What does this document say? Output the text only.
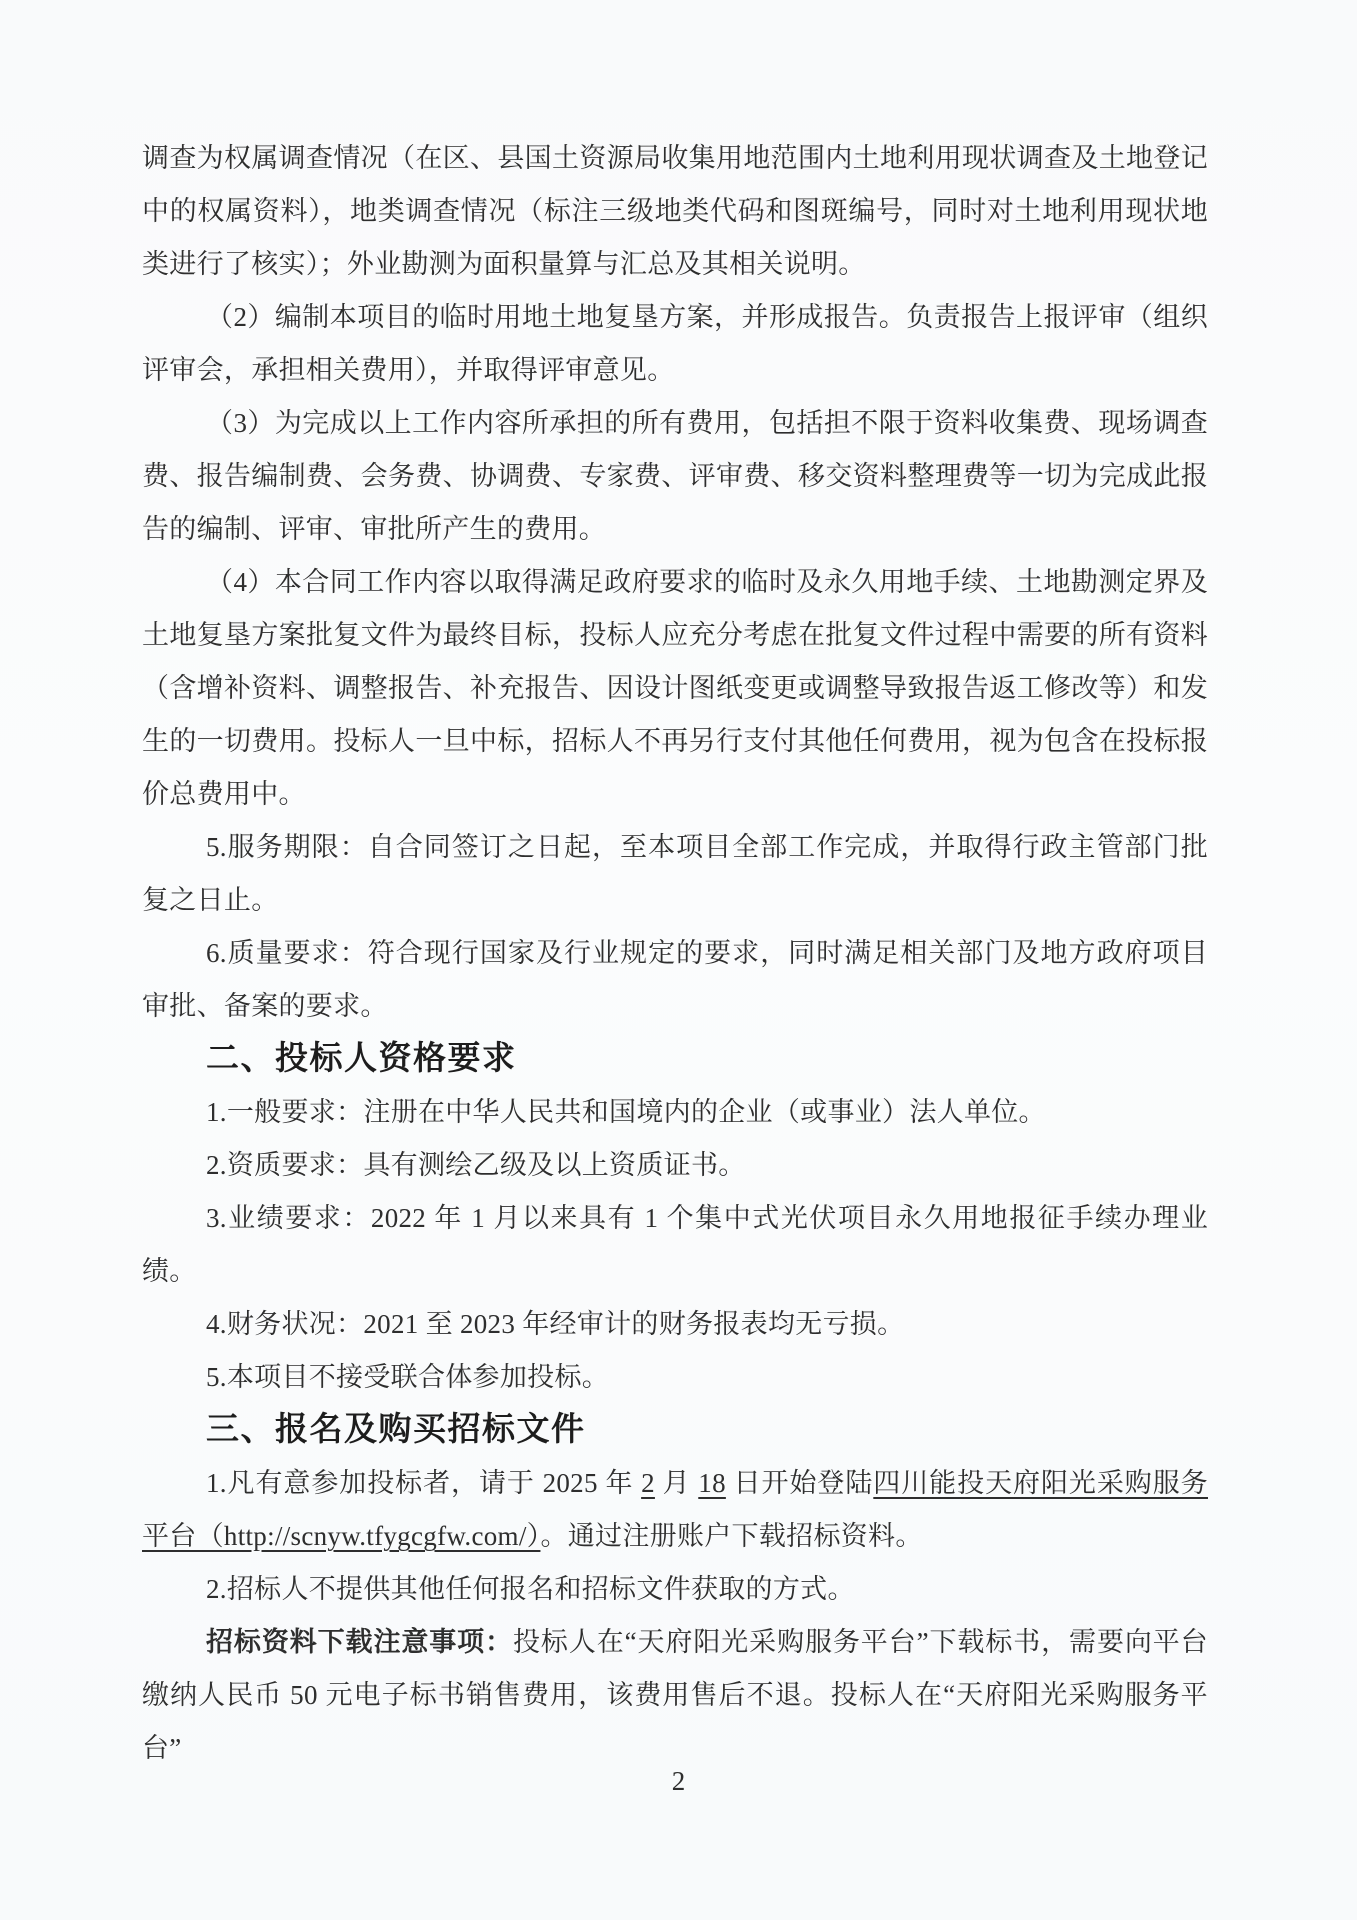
调查为权属调查情况（在区、县国土资源局收集用地范围内土地利用现状调查及土地登记中的权属资料），地类调查情况（标注三级地类代码和图斑编号，同时对土地利用现状地类进行了核实）；外业勘测为面积量算与汇总及其相关说明。

（2）编制本项目的临时用地土地复垦方案，并形成报告。负责报告上报评审（组织评审会，承担相关费用），并取得评审意见。

（3）为完成以上工作内容所承担的所有费用，包括担不限于资料收集费、现场调查费、报告编制费、会务费、协调费、专家费、评审费、移交资料整理费等一切为完成此报告的编制、评审、审批所产生的费用。

（4）本合同工作内容以取得满足政府要求的临时及永久用地手续、土地勘测定界及土地复垦方案批复文件为最终目标，投标人应充分考虑在批复文件过程中需要的所有资料（含增补资料、调整报告、补充报告、因设计图纸变更或调整导致报告返工修改等）和发生的一切费用。投标人一旦中标，招标人不再另行支付其他任何费用，视为包含在投标报价总费用中。

5.服务期限：自合同签订之日起，至本项目全部工作完成，并取得行政主管部门批复之日止。

6.质量要求：符合现行国家及行业规定的要求，同时满足相关部门及地方政府项目审批、备案的要求。

二、投标人资格要求

1.一般要求：注册在中华人民共和国境内的企业（或事业）法人单位。

2.资质要求：具有测绘乙级及以上资质证书。

3.业绩要求：2022 年 1 月以来具有 1 个集中式光伏项目永久用地报征手续办理业绩。

4.财务状况：2021 至 2023 年经审计的财务报表均无亏损。

5.本项目不接受联合体参加投标。

三、报名及购买招标文件

1.凡有意参加投标者，请于 2025 年 2 月 18 日开始登陆四川能投天府阳光采购服务平台（http://scnyw.tfygcgfw.com/）。通过注册账户下载招标资料。

2.招标人不提供其他任何报名和招标文件获取的方式。

招标资料下载注意事项：投标人在“天府阳光采购服务平台”下载标书，需要向平台缴纳人民币 50 元电子标书销售费用，该费用售后不退。投标人在“天府阳光采购服务平台”

2
